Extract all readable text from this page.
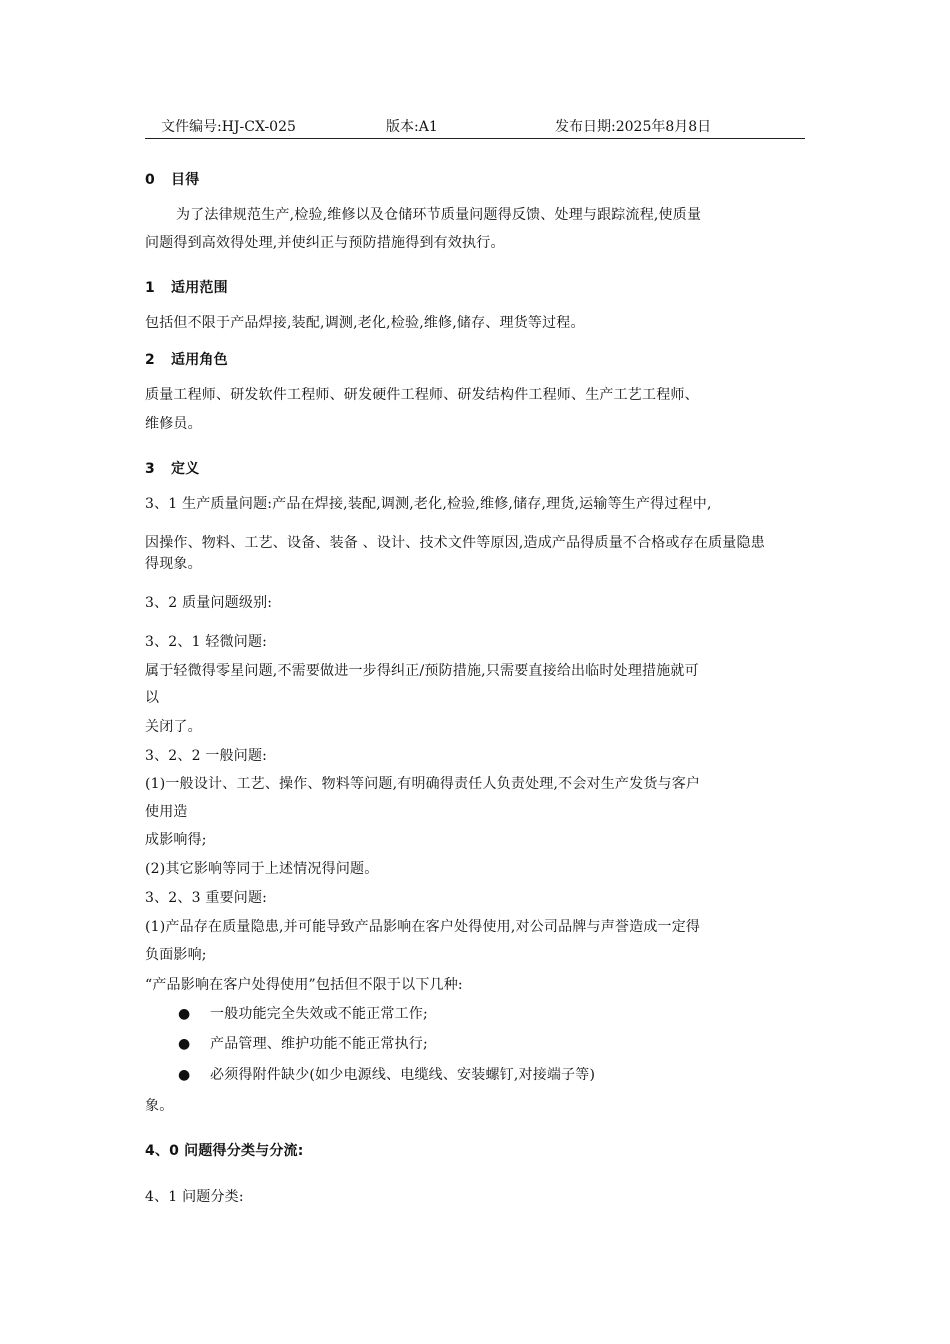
文件编号:HJ-CX-025	版本:A1	发布日期:2025年8月8日
0 目得
为了法律规范生产,检验,维修以及仓储环节质量问题得反馈、处理与跟踪流程,使质量
问题得到高效得处理,并使纠正与预防措施得到有效执行。
1 适用范围
包括但不限于产品焊接,装配,调测,老化,检验,维修,储存、理货等过程。
2 适用角色
质量工程师、研发软件工程师、研发硬件工程师、研发结构件工程师、生产工艺工程师、
维修员。
3 定义
3、1 生产质量问题:产品在焊接,装配,调测,老化,检验,维修,储存,理货,运输等生产得过程中,
因操作、物料、工艺、设备、装备 、设计、技术文件等原因,造成产品得质量不合格或存在质量隐患
得现象。
3、2 质量问题级别:
3、2、1 轻微问题:
属于轻微得零星问题,不需要做进一步得纠正/预防措施,只需要直接给出临时处理措施就可
以
关闭了。
3、2、2 一般问题:
(1)一般设计、工艺、操作、物料等问题,有明确得责任人负责处理,不会对生产发货与客户
使用造
成影响得;
(2)其它影响等同于上述情况得问题。
3、2、3 重要问题:
(1)产品存在质量隐患,并可能导致产品影响在客户处得使用,对公司品牌与声誉造成一定得
负面影响;
“产品影响在客户处得使用”包括但不限于以下几种:
● 一般功能完全失效或不能正常工作;
● 产品管理、维护功能不能正常执行;
● 必须得附件缺少(如少电源线、电缆线、安装螺钉,对接端子等)
象。
4、0 问题得分类与分流:
4、1 问题分类:
